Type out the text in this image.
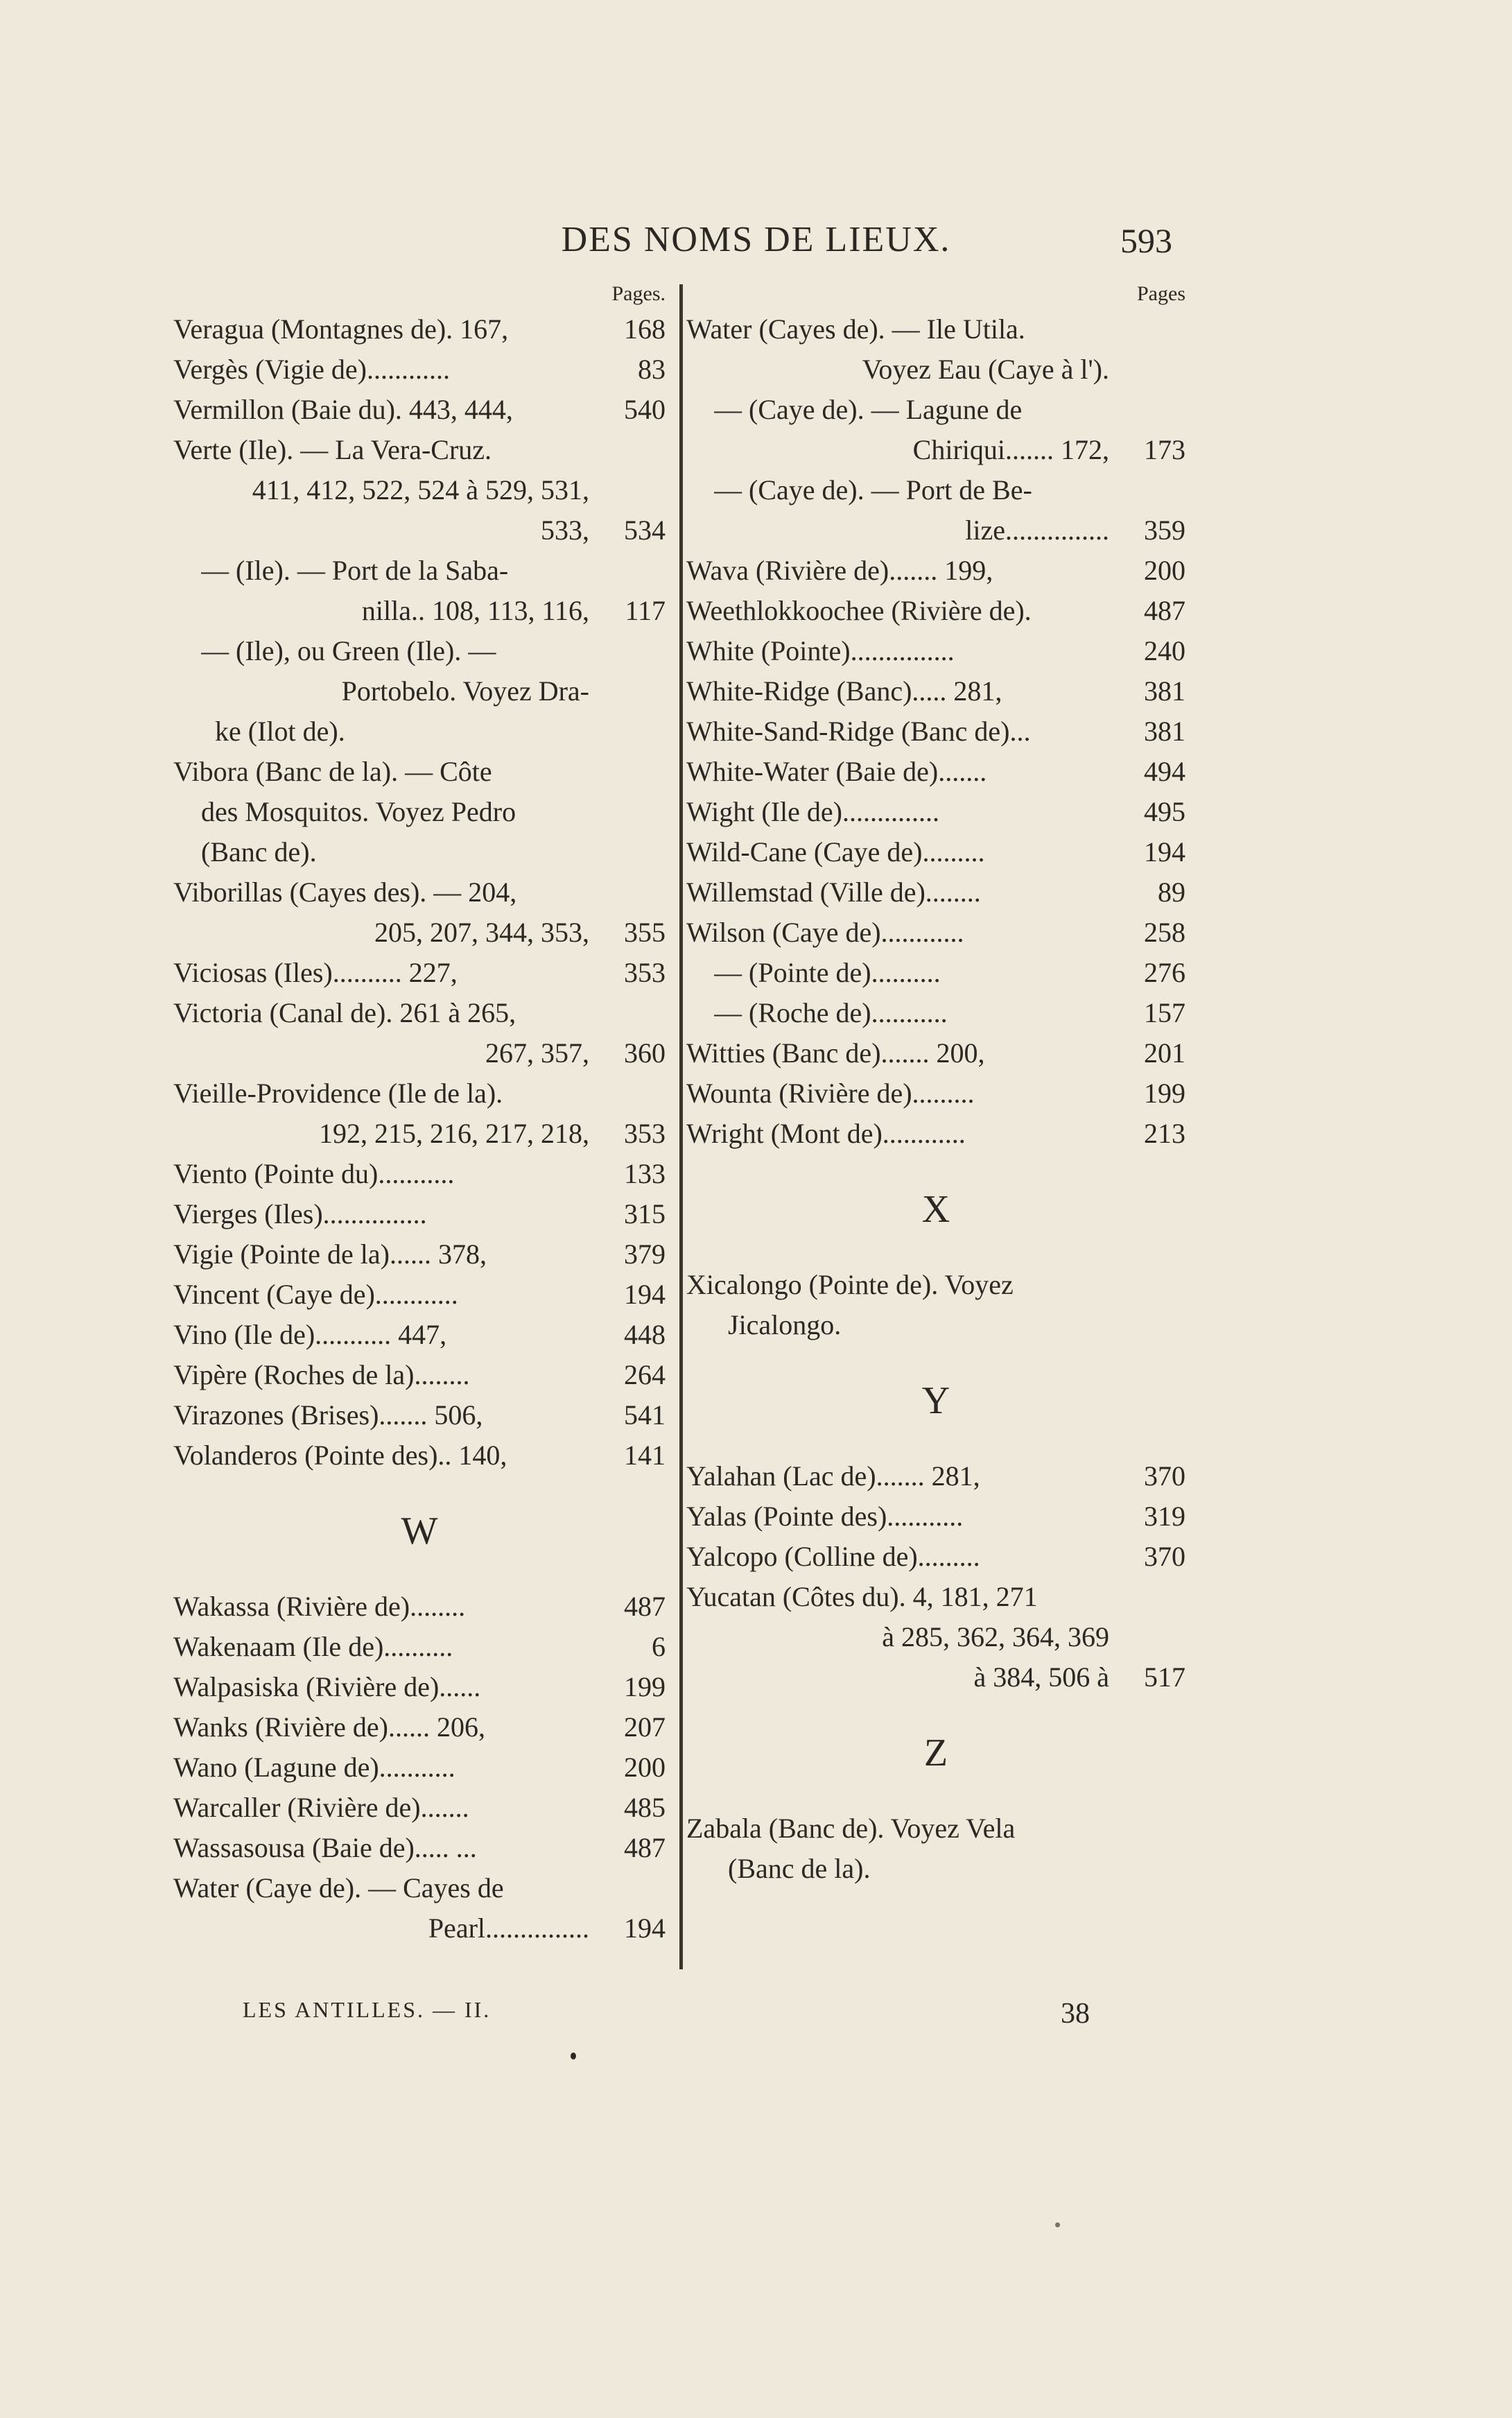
DES NOMS DE LIEUX.	593
Pages.
Veragua (Montagnes de). 167,	168
Vergès (Vigie de)............	83
Vermillon (Baie du). 443, 444,	540
Verte (Ile). — La Vera-Cruz.
411, 412, 522, 524 à 529, 531,
533,	534
— (Ile). — Port de la Saba-
nilla.. 108, 113, 116,	117
— (Ile), ou Green (Ile). —
Portobelo. Voyez Dra-
ke (Ilot de).
Vibora (Banc de la). — Côte
des Mosquitos. Voyez Pedro
(Banc de).
Viborillas (Cayes des). — 204,
205, 207, 344, 353,	355
Viciosas (Iles).......... 227,	353
Victoria (Canal de). 261 à 265,
267, 357,	360
Vieille-Providence (Ile de la).
192, 215, 216, 217, 218,	353
Viento (Pointe du)...........	133
Vierges (Iles)...............	315
Vigie (Pointe de la)...... 378,	379
Vincent (Caye de)............	194
Vino (Ile de)........... 447,	448
Vipère (Roches de la)........	264
Virazones (Brises)....... 506,	541
Volanderos (Pointe des).. 140,	141
W
Wakassa (Rivière de)........	487
Wakenaam (Ile de)..........	6
Walpasiska (Rivière de)......	199
Wanks (Rivière de)...... 206,	207
Wano (Lagune de)...........	200
Warcaller (Rivière de).......	485
Wassasousa (Baie de)..... ...	487
Water (Caye de). — Cayes de
Pearl...............	194
Pages
Water (Cayes de). — Ile Utila.
Voyez Eau (Caye à l').
— (Caye de). — Lagune de
Chiriqui....... 172,	173
— (Caye de). — Port de Be-
lize...............	359
Wava (Rivière de)....... 199,	200
Weethlokkoochee (Rivière de).	487
White (Pointe)...............	240
White-Ridge (Banc)..... 281,	381
White-Sand-Ridge (Banc de)...	381
White-Water (Baie de).......	494
Wight (Ile de)..............	495
Wild-Cane (Caye de).........	194
Willemstad (Ville de)........	89
Wilson (Caye de)............	258
— (Pointe de)..........	276
— (Roche de)...........	157
Witties (Banc de)....... 200,	201
Wounta (Rivière de).........	199
Wright (Mont de)............	213
X
Xicalongo (Pointe de). Voyez
Jicalongo.
Y
Yalahan (Lac de)....... 281,	370
Yalas (Pointe des)...........	319
Yalcopo (Colline de).........	370
Yucatan (Côtes du). 4, 181, 271
à 285, 362, 364, 369
à 384, 506 à	517
Z
Zabala (Banc de). Voyez Vela
(Banc de la).
LES ANTILLES. — II.	38
